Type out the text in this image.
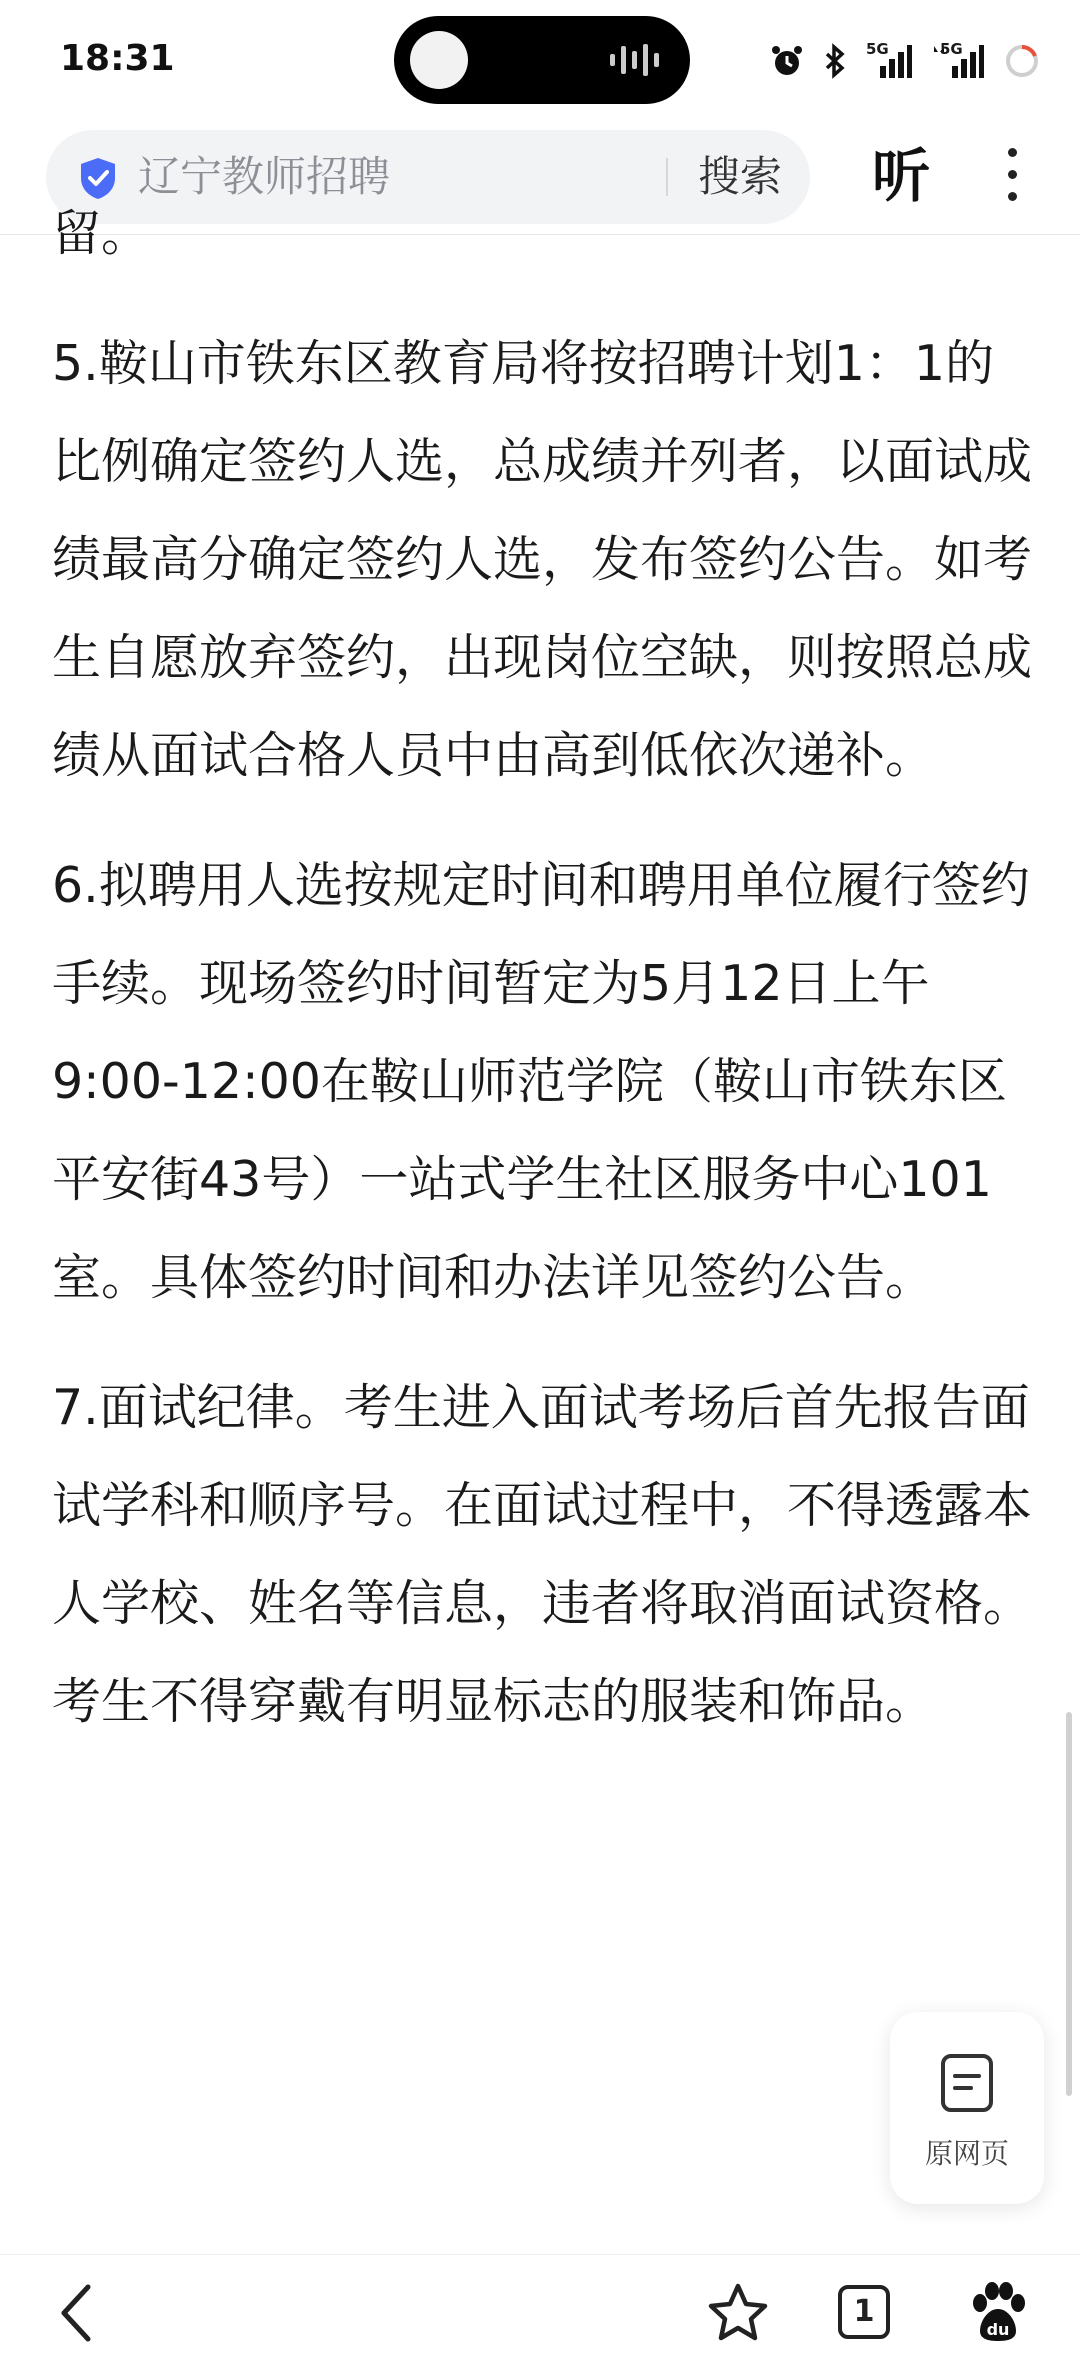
18:31	5G	5G
辽宁教师招聘	搜索 听

留。

5.鞍山市铁东区教育局将按招聘计划1：1的比例确定签约人选，总成绩并列者，以面试成绩最高分确定签约人选，发布签约公告。如考生自愿放弃签约，出现岗位空缺，则按照总成绩从面试合格人员中由高到低依次递补。

6.拟聘用人选按规定时间和聘用单位履行签约手续。现场签约时间暂定为5月12日上午9:00-12:00在鞍山师范学院（鞍山市铁东区平安街43号）一站式学生社区服务中心101室。具体签约时间和办法详见签约公告。

7.面试纪律。考生进入面试考场后首先报告面试学科和顺序号。在面试过程中，不得透露本人学校、姓名等信息，违者将取消面试资格。考生不得穿戴有明显标志的服装和饰品。

原网页
1
du
